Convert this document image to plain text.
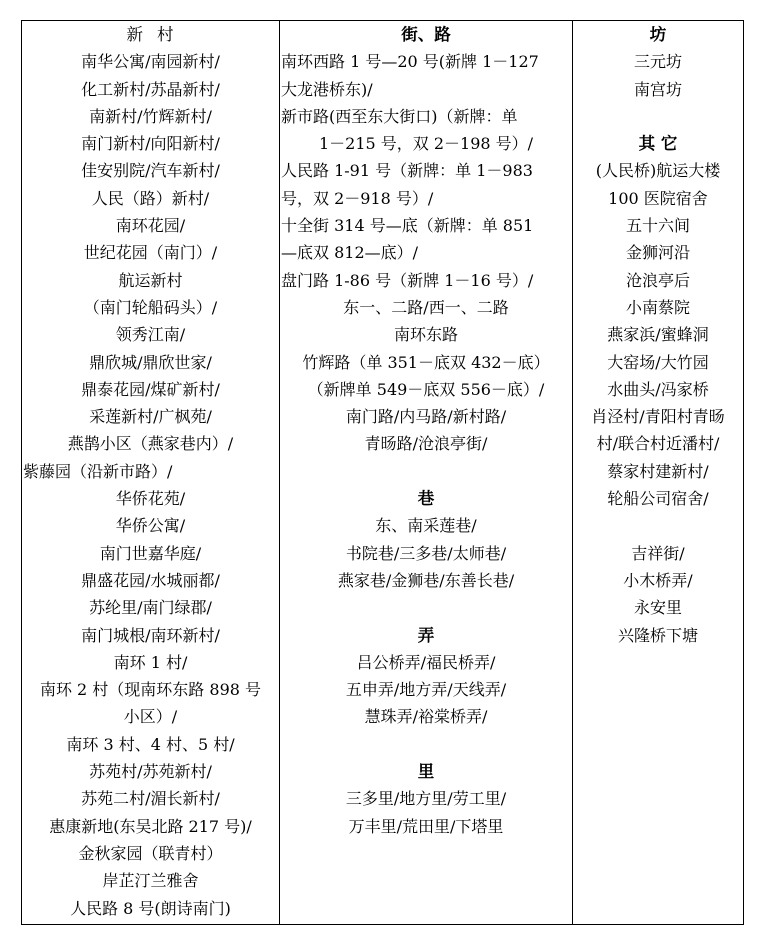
新村
南华公寓/南园新村/
化工新村/苏晶新村/
南新村/竹辉新村/
南门新村/向阳新村/
佳安别院/汽车新村/
人民（路）新村/
南环花园/
世纪花园（南门）/
航运新村
（南门轮船码头）/
领秀江南/
鼎欣城/鼎欣世家/
鼎泰花园/煤矿新村/
采莲新村/广枫苑/
燕鹊小区（燕家巷内）/
紫藤园（沿新市路）/
华侨花苑/
华侨公寓/
南门世嘉华庭/
鼎盛花园/水城丽都/
苏纶里/南门绿郡/
南门城根/南环新村/
南环 1 村/
南环 2 村（现南环东路 898 号
小区）/
南环 3 村、4 村、5 村/
苏苑村/苏苑新村/
苏苑二村/湄长新村/
惠康新地(东吴北路 217 号)/
金秋家园（联青村）
岸芷汀兰雅舍
人民路 8 号(朗诗南门)
街、路
南环西路 1 号—20 号(新牌 1－127
大龙港桥东)/
新市路(西至东大街口)（新牌：单
1－215 号，双 2－198 号）/
人民路 1-91 号（新牌：单 1－983
号，双 2－918 号）/
十全街 314 号—底（新牌：单 851
—底双 812—底）/
盘门路 1-86 号（新牌 1－16 号）/
东一、二路/西一、二路
南环东路
竹辉路（单 351－底双 432－底）
（新牌单 549－底双 556－底）/
南门路/内马路/新村路/
青旸路/沧浪亭街/
巷
东、南采莲巷/
书院巷/三多巷/太师巷/
燕家巷/金狮巷/东善长巷/
弄
吕公桥弄/福民桥弄/
五申弄/地方弄/天线弄/
慧珠弄/裕棠桥弄/
里
三多里/地方里/劳工里/
万丰里/荒田里/下塔里
坊
三元坊
南宫坊
其 它
(人民桥)航运大楼
100 医院宿舍
五十六间
金狮河沿
沧浪亭后
小南蔡院
燕家浜/蜜蜂洞
大窑场/大竹园
水曲头/冯家桥
肖泾村/青阳村青旸
村/联合村近潘村/
蔡家村建新村/
轮船公司宿舍/
吉祥街/
小木桥弄/
永安里
兴隆桥下塘
